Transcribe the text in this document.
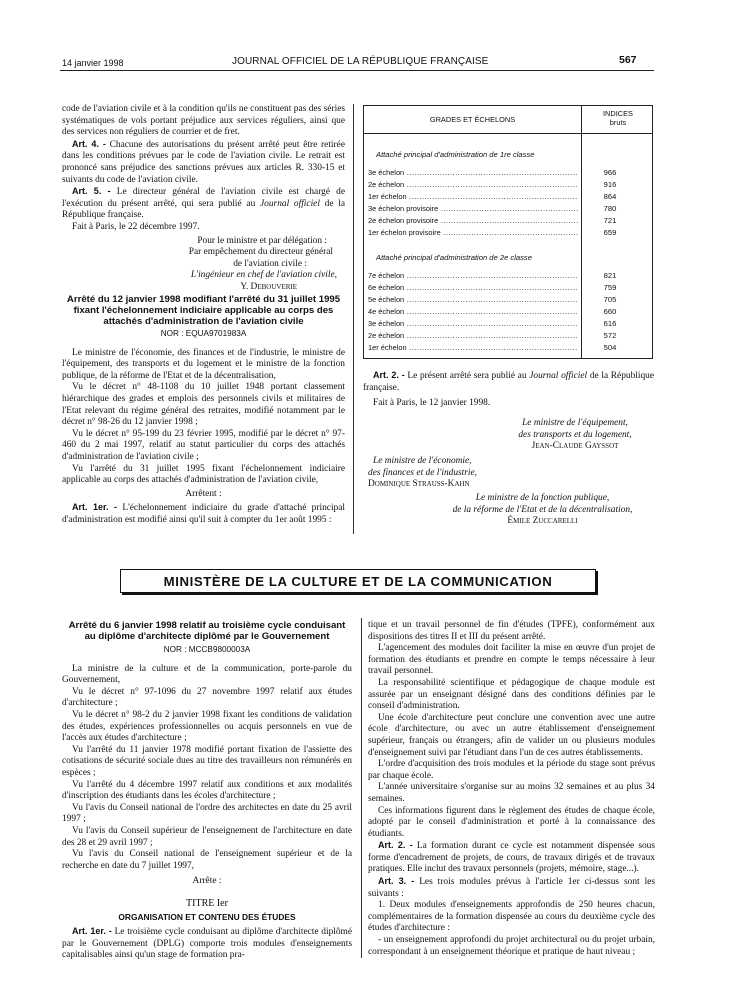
14 janvier 1998	JOURNAL OFFICIEL DE LA RÉPUBLIQUE FRANÇAISE	567

code de l'aviation civile et à la condition qu'ils ne constituent pas des séries systématiques de vols portant préjudice aux services réguliers, ainsi que des services non réguliers de courrier et de fret.

Art. 4. - Chacune des autorisations du présent arrêté peut être retirée dans les conditions prévues par le code de l'aviation civile. Le retrait est prononcé sans préjudice des sanctions prévues aux articles R. 330-15 et suivants du code de l'aviation civile.

Art. 5. - Le directeur général de l'aviation civile est chargé de l'exécution du présent arrêté, qui sera publié au Journal officiel de la République française.

Fait à Paris, le 22 décembre 1997.

Pour le ministre et par délégation :

Par empêchement du directeur général

de l'aviation civile :

L'ingénieur en chef de l'aviation civile,

Y. Debouverie

Arrêté du 12 janvier 1998 modifiant l'arrêté du 31 juillet 1995 fixant l'échelonnement indiciaire applicable au corps des attachés d'administration de l'aviation civile

NOR : EQUA9701983A

Le ministre de l'économie, des finances et de l'industrie, le ministre de l'équipement, des transports et du logement et le ministre de la fonction publique, de la réforme de l'Etat et de la décentralisation,

Vu le décret n° 48-1108 du 10 juillet 1948 portant classement hiérarchique des grades et emplois des personnels civils et militaires de l'Etat relevant du régime général des retraites, modifié notamment par le décret n° 98-26 du 12 janvier 1998 ;

Vu le décret n° 95-199 du 23 février 1995, modifié par le décret n° 97-460 du 2 mai 1997, relatif au statut particulier du corps des attachés d'administration de l'aviation civile ;

Vu l'arrêté du 31 juillet 1995 fixant l'échelonnement indiciaire applicable au corps des attachés d'administration de l'aviation civile,

Arrêtent :

Art. 1er. - L'échelonnement indiciaire du grade d'attaché principal d'administration est modifié ainsi qu'il suit à compter du 1er août 1995 :

GRADES ET ÉCHELONS
INDICES
bruts
Attaché principal d'administration de 1re classe
3e échelon .....	966
2e échelon .....	916
1er échelon .....	864
3e échelon provisoire .....	780
2e échelon provisoire .....	721
1er échelon provisoire .....	659
Attaché principal d'administration de 2e classe
7e échelon .....	821
6e échelon .....	759
5e échelon .....	705
4e échelon .....	660
3e échelon .....	616
2e échelon .....	572
1er échelon .....	504

Art. 2. - Le présent arrêté sera publié au Journal officiel de la République française.

Fait à Paris, le 12 janvier 1998.

Le ministre de l'équipement,

des transports et du logement,

Jean-Claude Gayssot

Le ministre de l'économie,

des finances et de l'industrie,

Dominique Strauss-Kahn

Le ministre de la fonction publique,

de la réforme de l'Etat et de la décentralisation,

Émile Zuccarelli

MINISTÈRE DE LA CULTURE ET DE LA COMMUNICATION

Arrêté du 6 janvier 1998 relatif au troisième cycle conduisant au diplôme d'architecte diplômé par le Gouvernement

NOR : MCCB9800003A

La ministre de la culture et de la communication, porte-parole du Gouvernement,

Vu le décret n° 97-1096 du 27 novembre 1997 relatif aux études d'architecture ;

Vu le décret n° 98-2 du 2 janvier 1998 fixant les conditions de validation des études, expériences professionnelles ou acquis personnels en vue de l'accès aux études d'architecture ;

Vu l'arrêté du 11 janvier 1978 modifié portant fixation de l'assiette des cotisations de sécurité sociale dues au titre des travailleurs non rémunérés en espèces ;

Vu l'arrêté du 4 décembre 1997 relatif aux conditions et aux modalités d'inscription des étudiants dans les écoles d'architecture ;

Vu l'avis du Conseil national de l'ordre des architectes en date du 25 avril 1997 ;

Vu l'avis du Conseil supérieur de l'enseignement de l'architecture en date des 28 et 29 avril 1997 ;

Vu l'avis du Conseil national de l'enseignement supérieur et de la recherche en date du 7 juillet 1997,

Arrête :

TITRE Ier

ORGANISATION ET CONTENU DES ÉTUDES

Art. 1er. - Le troisième cycle conduisant au diplôme d'architecte diplômé par le Gouvernement (DPLG) comporte trois modules d'enseignements capitalisables ainsi qu'un stage de formation pra-

tique et un travail personnel de fin d'études (TPFE), conformément aux dispositions des titres II et III du présent arrêté.

L'agencement des modules doit faciliter la mise en œuvre d'un projet de formation des étudiants et prendre en compte le temps nécessaire à leur travail personnel.

La responsabilité scientifique et pédagogique de chaque module est assurée par un enseignant désigné dans des conditions définies par le conseil d'administration.

Une école d'architecture peut conclure une convention avec une autre école d'architecture, ou avec un autre établissement d'enseignement supérieur, français ou étrangers, afin de valider un ou plusieurs modules d'enseignement suivi par l'étudiant dans l'un de ces autres établissements.

L'ordre d'acquisition des trois modules et la période du stage sont prévus par chaque école.

L'année universitaire s'organise sur au moins 32 semaines et au plus 34 semaines.

Ces informations figurent dans le règlement des études de chaque école, adopté par le conseil d'administration et porté à la connaissance des étudiants.

Art. 2. - La formation durant ce cycle est notamment dispensée sous forme d'encadrement de projets, de cours, de travaux dirigés et de travaux pratiques. Elle inclut des travaux personnels (projets, mémoire, stage...).

Art. 3. - Les trois modules prévus à l'article 1er ci-dessus sont les suivants :

1. Deux modules d'enseignements approfondis de 250 heures chacun, complémentaires de la formation dispensée au cours du deuxième cycle des études d'architecture :

- un enseignement approfondi du projet architectural ou du projet urbain, correspondant à un enseignement théorique et pratique de haut niveau ;
